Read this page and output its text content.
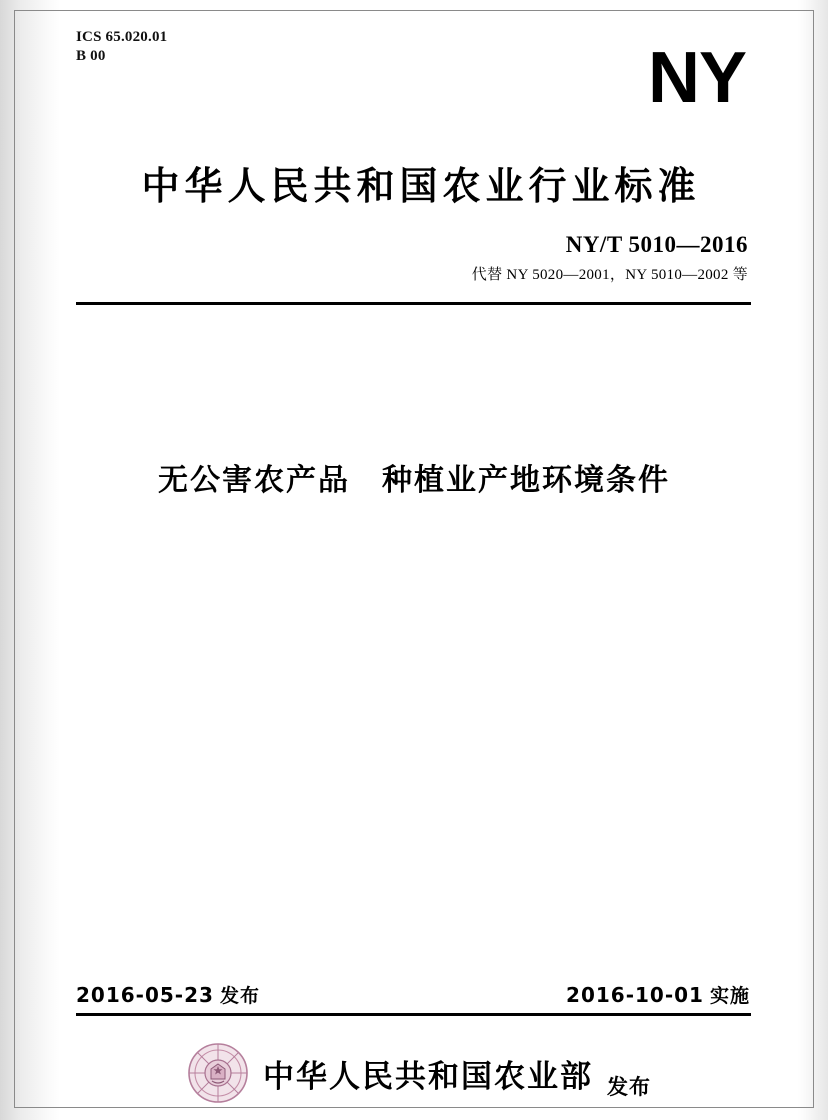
ICS 65.020.01
B 00	NY
中华人民共和国农业行业标准
NY/T 5010—2016
代替 NY 5020—2001，NY 5010—2002 等
无公害农产品 种植业产地环境条件
2016-05-23 发布	2016-10-01 实施
中华人民共和国农业部 发布
